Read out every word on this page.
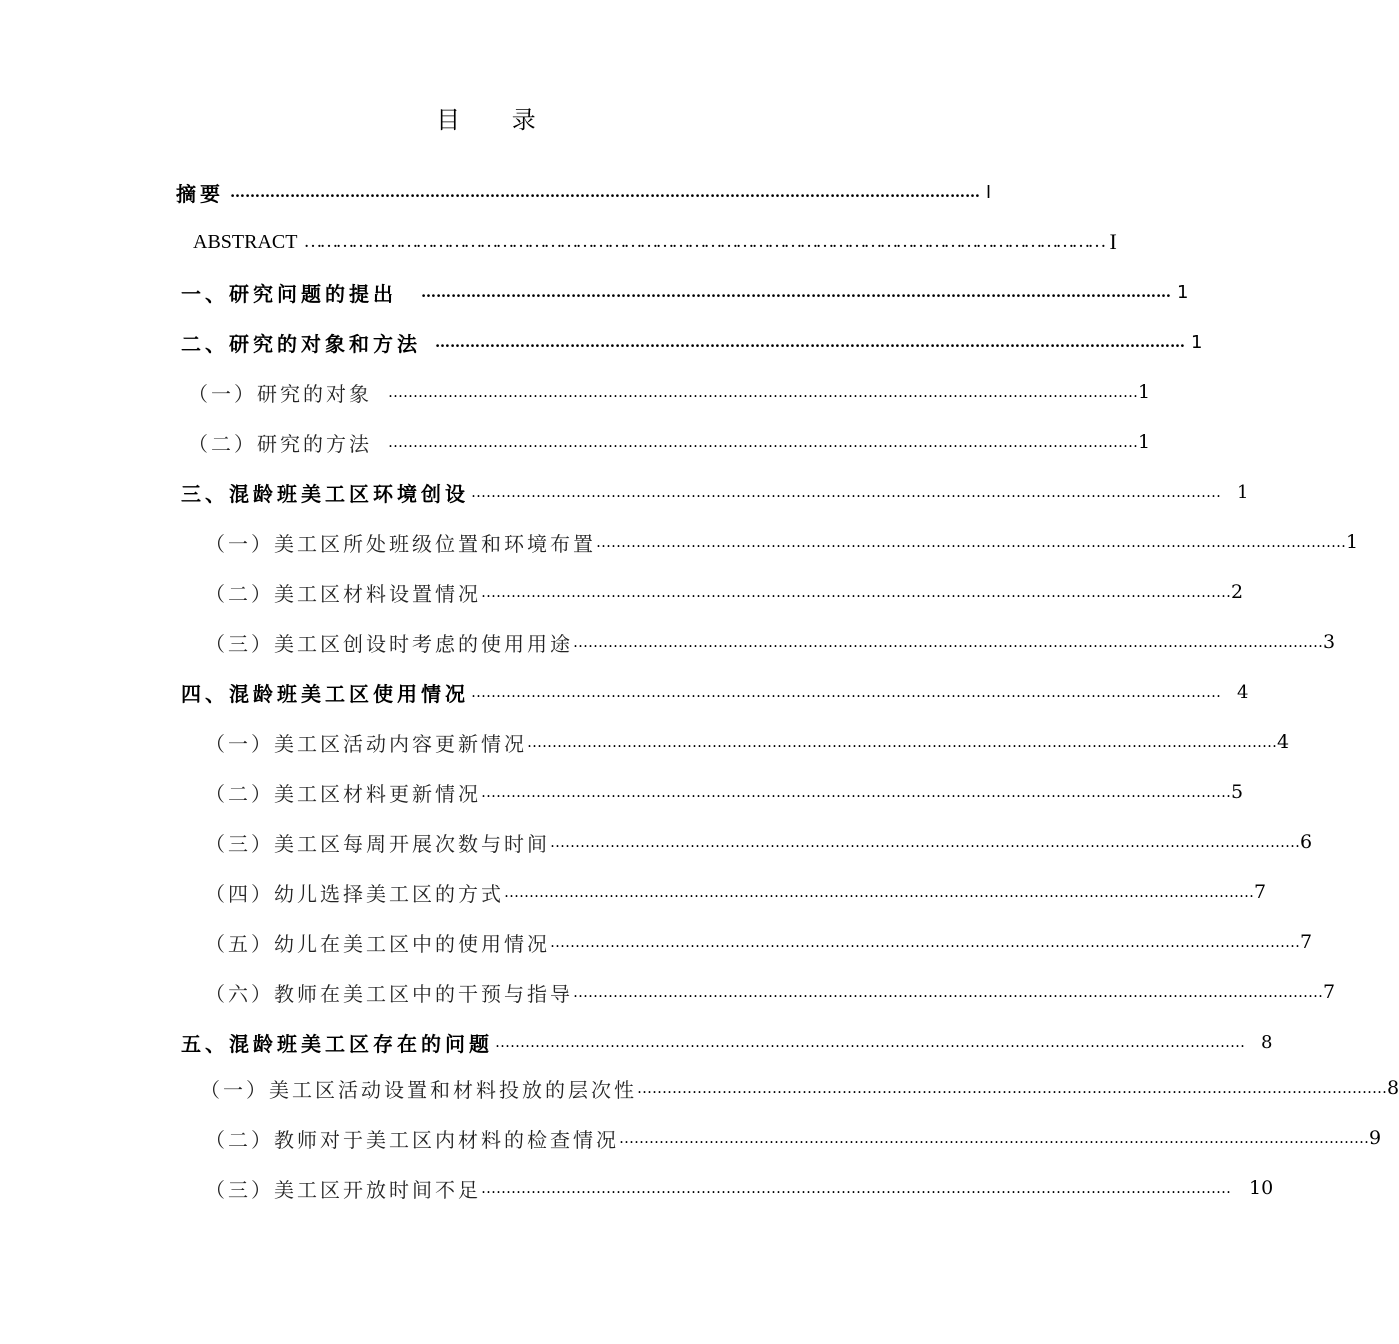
目 录
摘要 …………………………………………………………………………………………………………………………………… I
ABSTRACT …………………………………………………………………………………………………………………………………… I
一、研究问题的提出 …………………………………………………………………………………………………………………………………… 1
二、研究的对象和方法 …………………………………………………………………………………………………………………………………… 1
（一）研究的对象 …………………………………………………………………………………………………………………………………… 1
（二）研究的方法 …………………………………………………………………………………………………………………………………… 1
三、混龄班美工区环境创设 …………………………………………………………………………………………………………………………………… 1
（一）美工区所处班级位置和环境布置 …………………………………………………………………………………………………………………………………… 1
（二）美工区材料设置情况 …………………………………………………………………………………………………………………………………… 2
（三）美工区创设时考虑的使用用途 …………………………………………………………………………………………………………………………………… 3
四、混龄班美工区使用情况 …………………………………………………………………………………………………………………………………… 4
（一）美工区活动内容更新情况 …………………………………………………………………………………………………………………………………… 4
（二）美工区材料更新情况 …………………………………………………………………………………………………………………………………… 5
（三）美工区每周开展次数与时间 …………………………………………………………………………………………………………………………………… 6
（四）幼儿选择美工区的方式 …………………………………………………………………………………………………………………………………… 7
（五）幼儿在美工区中的使用情况 …………………………………………………………………………………………………………………………………… 7
（六）教师在美工区中的干预与指导 …………………………………………………………………………………………………………………………………… 7
五、混龄班美工区存在的问题 …………………………………………………………………………………………………………………………………… 8
（一）美工区活动设置和材料投放的层次性 …………………………………………………………………………………………………………………………………… 8
（二）教师对于美工区内材料的检查情况 …………………………………………………………………………………………………………………………………… 9
（三）美工区开放时间不足 …………………………………………………………………………………………………………………………………… 10
